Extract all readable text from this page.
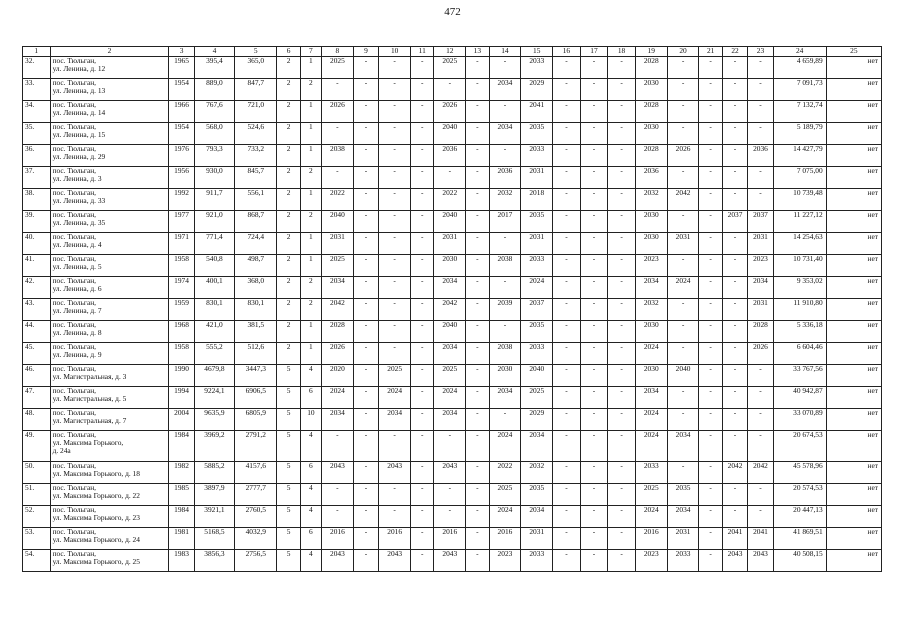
472
1	2	3	4	5	6	7	8	9	10	11	12	13	14	15	16	17	18	19	20	21	22	23	24	25
32.	пос. Тюльган,
ул. Ленина, д. 12	1965	395,4	365,0	2	1	2025	-	-	-	2025	-	-	2033	-	-	-	2028	-	-	-	-	4 659,89	нет
33.	пос. Тюльган,
ул. Ленина, д. 13	1954	889,0	847,7	2	2	-	-	-	-	-	-	2034	2029	-	-	-	2030	-	-	-	-	7 091,73	нет
34.	пос. Тюльган,
ул. Ленина, д. 14	1966	767,6	721,0	2	1	2026	-	-	-	2026	-	-	2041	-	-	-	2028	-	-	-	-	7 132,74	нет
35.	пос. Тюльган,
ул. Ленина, д. 15	1954	568,0	524,6	2	1	-	-	-	-	2040	-	2034	2035	-	-	-	2030	-	-	-	-	5 189,79	нет
36.	пос. Тюльган,
ул. Ленина, д. 29	1976	793,3	733,2	2	1	2038	-	-	-	2036	-	-	2033	-	-	-	2028	2026	-	-	2036	14 427,79	нет
37.	пос. Тюльган,
ул. Ленина, д. 3	1956	930,0	845,7	2	2	-	-	-	-	-	-	2036	2031	-	-	-	2036	-	-	-	-	7 075,00	нет
38.	пос. Тюльган,
ул. Ленина, д. 33	1992	911,7	556,1	2	1	2022	-	-	-	2022	-	2032	2018	-	-	-	2032	2042	-	-	-	10 739,48	нет
39.	пос. Тюльган,
ул. Ленина, д. 35	1977	921,0	868,7	2	2	2040	-	-	-	2040	-	2017	2035	-	-	-	2030	-	-	2037	2037	11 227,12	нет
40.	пос. Тюльган,
ул. Ленина, д. 4	1971	771,4	724,4	2	1	2031	-	-	-	2031	-	-	2031	-	-	-	2030	2031	-	-	2031	14 254,63	нет
41.	пос. Тюльган,
ул. Ленина, д. 5	1958	540,8	498,7	2	1	2025	-	-	-	2030	-	2038	2033	-	-	-	2023	-	-	-	2023	10 731,40	нет
42.	пос. Тюльган,
ул. Ленина, д. 6	1974	400,1	368,0	2	2	2034	-	-	-	2034	-	-	2024	-	-	-	2034	2024	-	-	2034	9 353,02	нет
43.	пос. Тюльган,
ул. Ленина, д. 7	1959	830,1	830,1	2	2	2042	-	-	-	2042	-	2039	2037	-	-	-	2032	-	-	-	2031	11 910,80	нет
44.	пос. Тюльган,
ул. Ленина, д. 8	1968	421,0	381,5	2	1	2028	-	-	-	2040	-	-	2035	-	-	-	2030	-	-	-	2028	5 336,18	нет
45.	пос. Тюльган,
ул. Ленина, д. 9	1958	555,2	512,6	2	1	2026	-	-	-	2034	-	2038	2033	-	-	-	2024	-	-	-	2026	6 604,46	нет
46.	пос. Тюльган,
ул. Магистральная, д. 3	1990	4679,8	3447,3	5	4	2020	-	2025	-	2025	-	2030	2040	-	-	-	2030	2040	-	-	-	33 767,56	нет
47.	пос. Тюльган,
ул. Магистральная, д. 5	1994	9224,1	6906,5	5	6	2024	-	2024	-	2024	-	2034	2025	-	-	-	2034	-	-	-	-	40 942,87	нет
48.	пос. Тюльган,
ул. Магистральная, д. 7	2004	9635,9	6805,9	5	10	2034	-	2034	-	2034	-	-	2029	-	-	-	2024	-	-	-	-	33 070,89	нет
49.	пос. Тюльган,
ул. Максима Горького,
д. 24а	1984	3969,2	2791,2	5	4	-	-	-	-	-	-	2024	2034	-	-	-	2024	2034	-	-	-	20 674,53	нет
50.	пос. Тюльган,
ул. Максима Горького, д. 18	1982	5885,2	4157,6	5	6	2043	-	2043	-	2043	-	2022	2032	-	-	-	2033	-	-	2042	2042	45 578,96	нет
51.	пос. Тюльган,
ул. Максима Горького, д. 22	1985	3897,9	2777,7	5	4	-	-	-	-	-	-	2025	2035	-	-	-	2025	2035	-	-	-	20 574,53	нет
52.	пос. Тюльган,
ул. Максима Горького, д. 23	1984	3921,1	2760,5	5	4	-	-	-	-	-	-	2024	2034	-	-	-	2024	2034	-	-	-	20 447,13	нет
53.	пос. Тюльган,
ул. Максима Горького, д. 24	1981	5168,5	4032,9	5	6	2016	-	2016	-	2016	-	2016	2031	-	-	-	2016	2031	-	2041	2041	41 869,51	нет
54.	пос. Тюльган,
ул. Максима Горького, д. 25	1983	3856,3	2756,5	5	4	2043	-	2043	-	2043	-	2023	2033	-	-	-	2023	2033	-	2043	2043	40 508,15	нет
